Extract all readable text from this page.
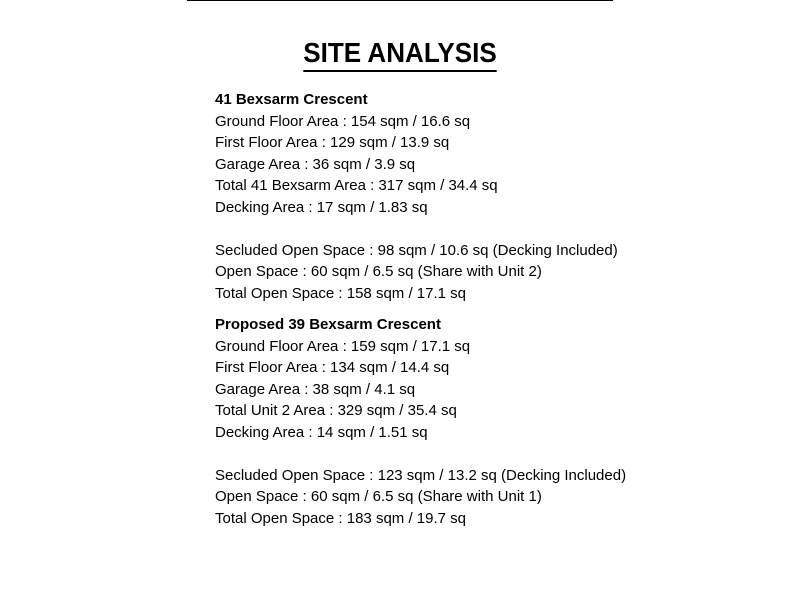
SITE ANALYSIS
41 Bexsarm Crescent
Ground Floor Area : 154 sqm / 16.6 sq
First Floor Area : 129 sqm / 13.9 sq
Garage Area : 36 sqm / 3.9 sq
Total 41 Bexsarm Area : 317 sqm / 34.4 sq
Decking Area : 17 sqm / 1.83 sq
Secluded Open Space : 98 sqm / 10.6 sq (Decking Included)
Open Space : 60 sqm / 6.5 sq (Share with Unit 2)
Total Open Space : 158 sqm / 17.1 sq
Proposed 39 Bexsarm Crescent
Ground Floor Area : 159 sqm / 17.1 sq
First Floor Area : 134 sqm / 14.4 sq
Garage Area : 38 sqm / 4.1 sq
Total Unit 2 Area : 329 sqm / 35.4 sq
Decking Area : 14 sqm / 1.51 sq
Secluded Open Space : 123 sqm / 13.2 sq (Decking Included)
Open Space : 60 sqm / 6.5 sq (Share with Unit 1)
Total Open Space : 183 sqm / 19.7 sq
